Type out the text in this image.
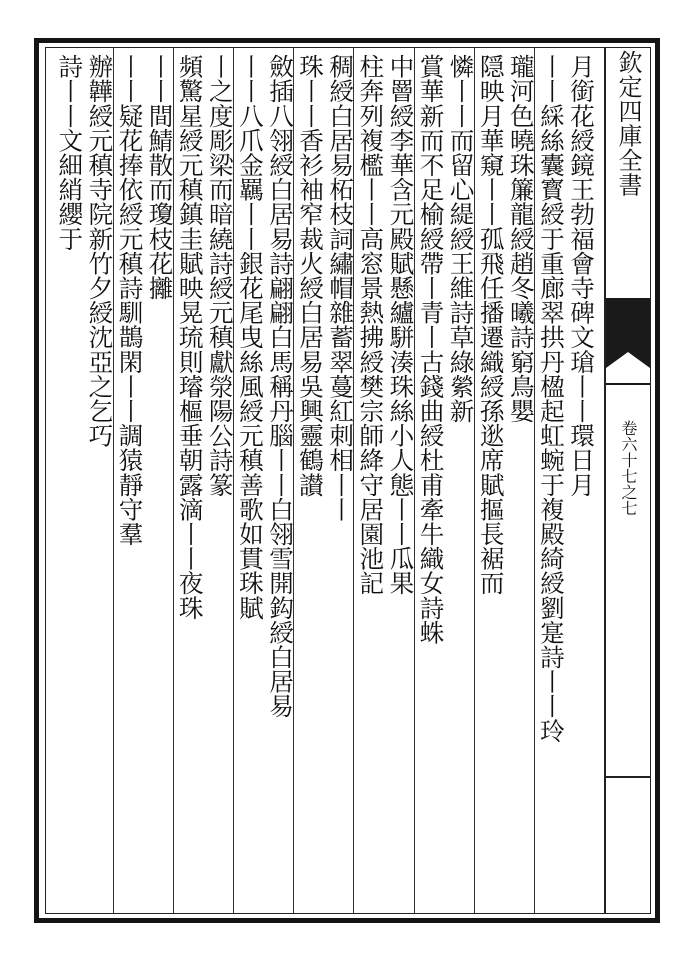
欽定四庫全書
卷六十七之七
月銜花綬鏡王勃福會寺碑文瑲丨丨環日月
丨丨綵絲囊寳綬于重廊翠拱丹楹起虹蜿于複殿綺綬劉寔詩丨丨玲
瓏河色曉珠簾龍綬趙冬曦詩窮鳥嬰
隠映月華窺丨丨孤飛任播遷織綬孫逖席賦摳長裾而
憐丨丨而留心緹綬王維詩草綠縈新
賞華新而不足榆綬帶丨青丨古錢曲綬杜甫牽牛織女詩蛛
中罾綬李華含元殿賦懸纑駢湊珠絲小人態丨丨瓜果
柱奔列複檻丨丨高窓景熱拂綬樊宗師絳守居園池記
稠綬白居易柘枝詞繡帽雜蓄翠蔓紅刺相丨丨
珠丨丨香衫袖窄裁火綬白居易吳興靈鶴讃
斂插八翎綬白居易詩翩翩白馬稱丹腦丨丨白翎雪開鈎綬白居易
丨丨八爪金羈丨丨銀花尾曳絲風綬元稹善歌如貫珠賦
丨之度彫梁而暗繞詩綬元稹獻滎陽公詩篆
頻驚星綬元稹鎮圭賦映晃琉則璿樞垂朝露滴丨丨夜珠
丨丨間鯖散而瓊枝花攡
丨丨疑花捧依綬元稹詩馴鵲閑丨丨調猿靜守羣
辦韡綬元稹寺院新竹夕綬沈亞之乞巧
詩丨丨文細綃纓于
